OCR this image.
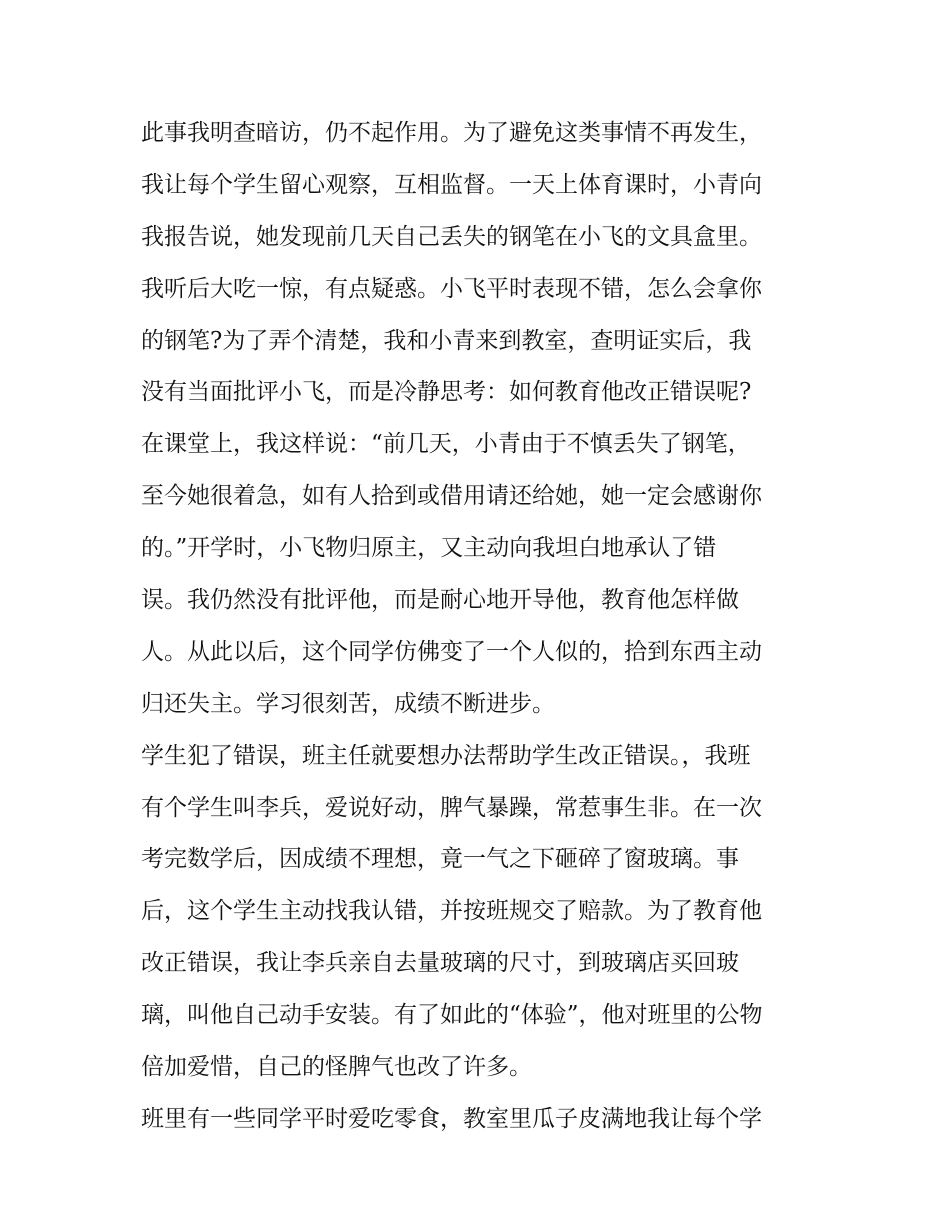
此事我明查暗访，仍不起作用。为了避免这类事情不再发生，
我让每个学生留心观察，互相监督。一天上体育课时，小青向
我报告说，她发现前几天自己丢失的钢笔在小飞的文具盒里。
我听后大吃一惊，有点疑惑。小飞平时表现不错，怎么会拿你
的钢笔?为了弄个清楚，我和小青来到教室，查明证实后，我
没有当面批评小飞，而是冷静思考：如何教育他改正错误呢?
在课堂上，我这样说：“前几天，小青由于不慎丢失了钢笔，
至今她很着急，如有人拾到或借用请还给她，她一定会感谢你
的。”开学时，小飞物归原主，又主动向我坦白地承认了错
误。我仍然没有批评他，而是耐心地开导他，教育他怎样做
人。从此以后，这个同学仿佛变了一个人似的，拾到东西主动
归还失主。学习很刻苦，成绩不断进步。
学生犯了错误，班主任就要想办法帮助学生改正错误。，我班
有个学生叫李兵，爱说好动，脾气暴躁，常惹事生非。在一次
考完数学后，因成绩不理想，竟一气之下砸碎了窗玻璃。事
后，这个学生主动找我认错，并按班规交了赔款。为了教育他
改正错误，我让李兵亲自去量玻璃的尺寸，到玻璃店买回玻
璃，叫他自己动手安装。有了如此的“体验”，他对班里的公物
倍加爱惜，自己的怪脾气也改了许多。
班里有一些同学平时爱吃零食，教室里瓜子皮满地我让每个学
